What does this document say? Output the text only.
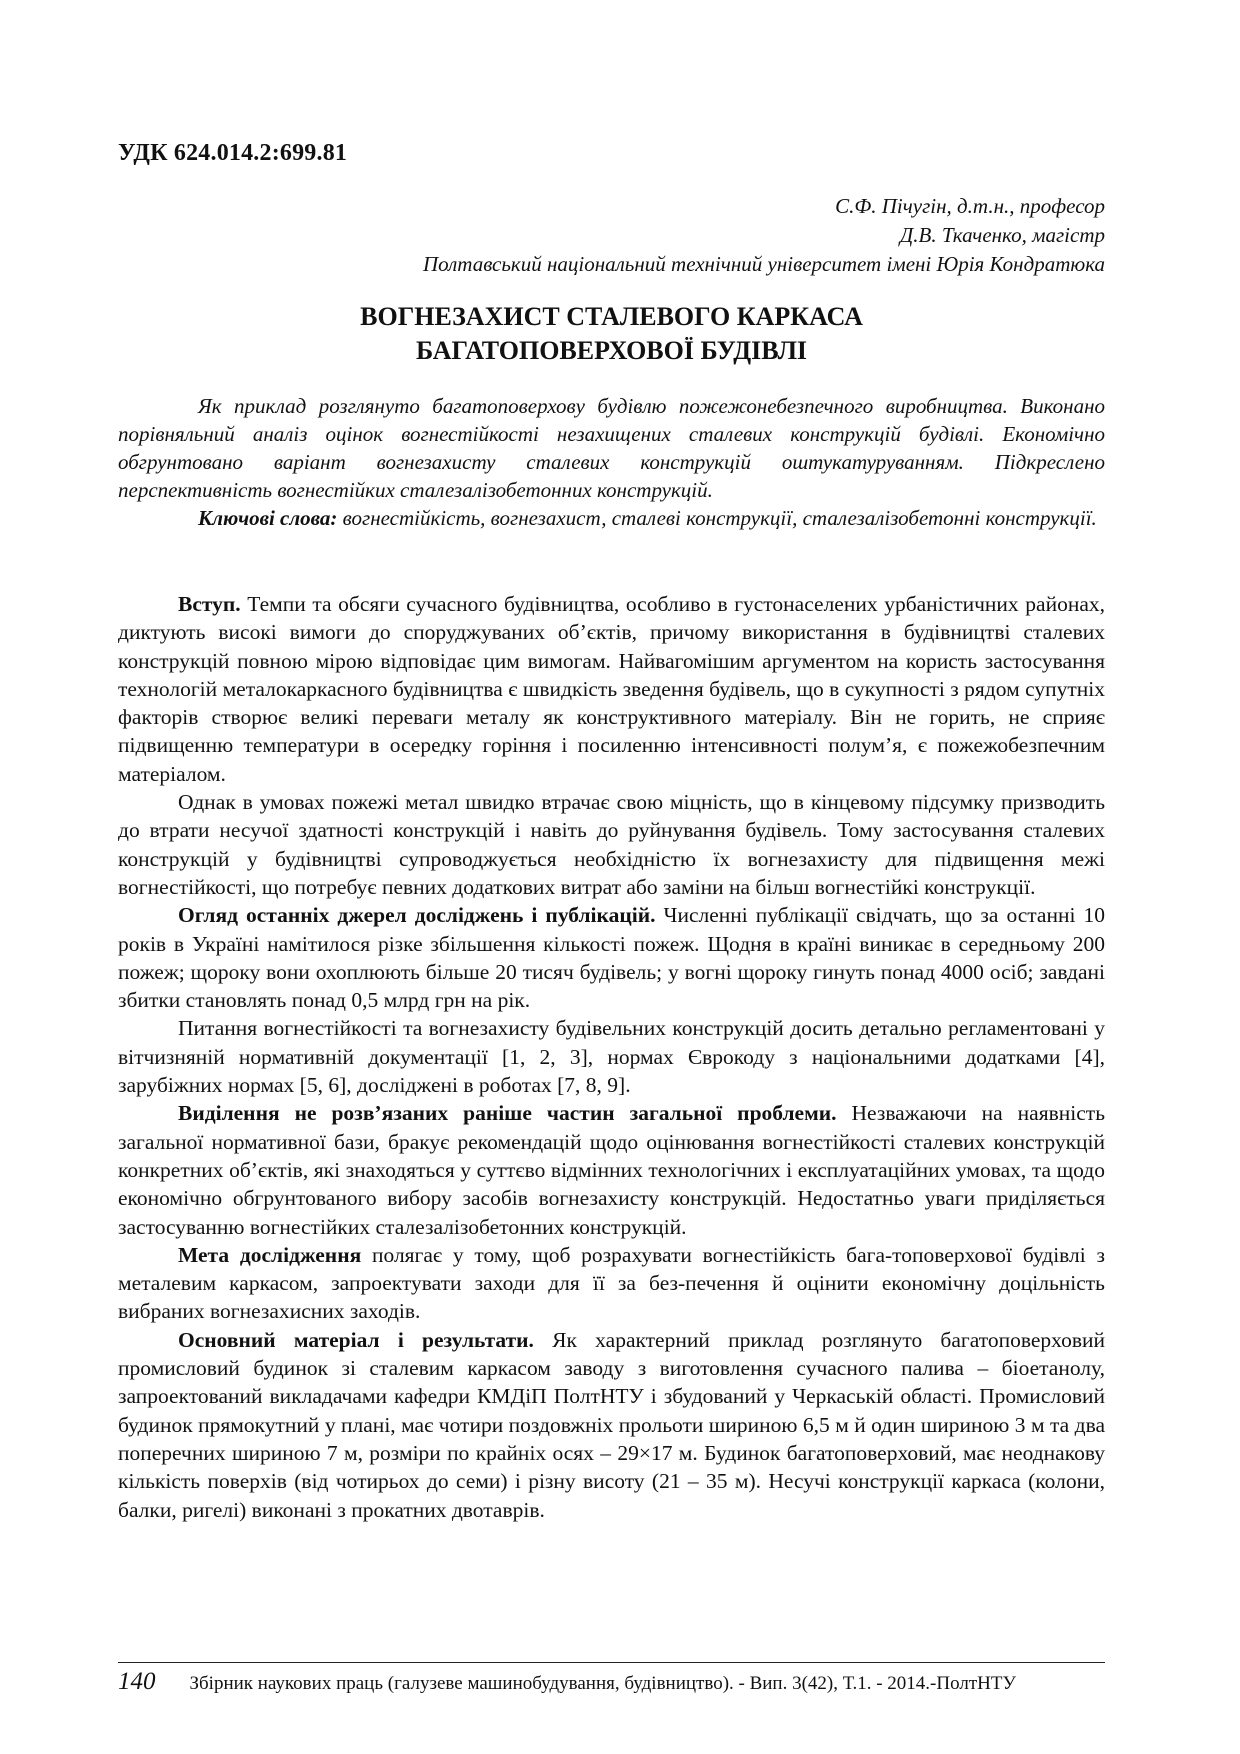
УДК 624.014.2:699.81
С.Ф. Пічугін, д.т.н., професор
Д.В. Ткаченко, магістр
Полтавський національний технічний університет імені Юрія Кондратюка
ВОГНЕЗАХИСТ СТАЛЕВОГО КАРКАСА
БАГАТОПОВЕРХОВОЇ БУДІВЛІ

Як приклад розглянуто багатоповерхову будівлю пожежонебезпечного виробництва. Виконано порівняльний аналіз оцінок вогнестійкості незахищених сталевих конструкцій будівлі. Економічно обгрунтовано варіант вогнезахисту сталевих конструкцій оштукатуруванням. Підкреслено перспективність вогнестійких сталезалізобетонних конструкцій.

Ключові слова: вогнестійкість, вогнезахист, сталеві конструкції, сталезалізобетонні конструкції.

Вступ. Темпи та обсяги сучасного будівництва, особливо в густонаселених урбаністичних районах, диктують високі вимоги до споруджуваних об’єктів, причому використання в будівництві сталевих конструкцій повною мірою відповідає цим вимогам. Найвагомішим аргументом на користь застосування технологій металокаркасного будівництва є швидкість зведення будівель, що в сукупності з рядом супутніх факторів створює великі переваги металу як конструктивного матеріалу. Він не горить, не сприяє підвищенню температури в осередку горіння і посиленню інтенсивності полум’я, є пожежобезпечним матеріалом.

Однак в умовах пожежі метал швидко втрачає свою міцність, що в кінцевому підсумку призводить до втрати несучої здатності конструкцій і навіть до руйнування будівель. Тому застосування сталевих конструкцій у будівництві супроводжується необхідністю їх вогнезахисту для підвищення межі вогнестійкості, що потребує певних додаткових витрат або заміни на більш вогнестійкі конструкції.

Огляд останніх джерел досліджень і публікацій. Численні публікації свідчать, що за останні 10 років в Україні намітилося різке збільшення кількості пожеж. Щодня в країні виникає в середньому 200 пожеж; щороку вони охоплюють більше 20 тисяч будівель; у вогні щороку гинуть понад 4000 осіб; завдані збитки становлять понад 0,5 млрд грн на рік.

Питання вогнестійкості та вогнезахисту будівельних конструкцій досить детально регламентовані у вітчизняній нормативній документації [1, 2, 3], нормах Єврокоду з національними додатками [4], зарубіжних нормах [5, 6], досліджені в роботах [7, 8, 9].

Виділення не розв’язаних раніше частин загальної проблеми. Незважаючи на наявність загальної нормативної бази, бракує рекомендацій щодо оцінювання вогнестійкості сталевих конструкцій конкретних об’єктів, які знаходяться у суттєво відмінних технологічних і експлуатаційних умовах, та щодо економічно обгрунтованого вибору засобів вогнезахисту конструкцій. Недостатньо уваги приділяється застосуванню вогнестійких сталезалізобетонних конструкцій.

Мета дослідження полягає у тому, щоб розрахувати вогнестійкість бага-топоверхової будівлі з металевим каркасом, запроектувати заходи для її за без-печення й оцінити економічну доцільність вибраних вогнезахисних заходів.

Основний матеріал і результати. Як характерний приклад розглянуто багатоповерховий промисловий будинок зі сталевим каркасом заводу з виготовлення сучасного палива – біоетанолу, запроектований викладачами кафедри КМДіП ПолтНТУ і збудований у Черкаській області. Промисловий будинок прямокутний у плані, має чотири поздовжніх прольоти шириною 6,5 м й один шириною 3 м та два поперечних шириною 7 м, розміри по крайніх осях – 29×17 м. Будинок багатоповерховий, має неоднакову кількість поверхів (від чотирьох до семи) і різну висоту (21 – 35 м). Несучі конструкції каркаса (колони, балки, ригелі) виконані з прокатних двотаврів.

140 Збірник наукових праць (галузеве машинобудування, будівництво). - Вип. 3(42), Т.1. - 2014.-ПолтНТУ
